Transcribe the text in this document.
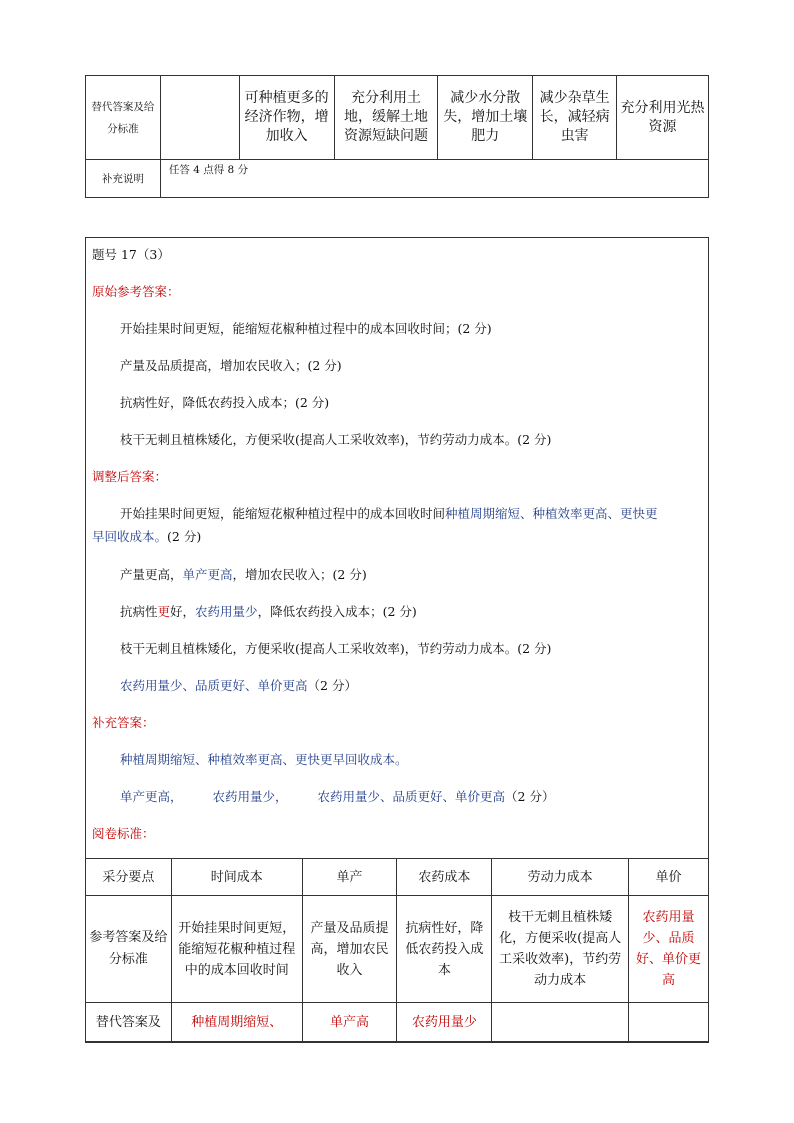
替代答案及给分标准		可种植更多的经济作物，增加收入	充分利用土地，缓解土地资源短缺问题	减少水分散失，增加土壤肥力	减少杂草生长，减轻病虫害	充分利用光热资源
补充说明	任答 4 点得 8 分					
题号 17（3）
原始参考答案：
开始挂果时间更短，能缩短花椒种植过程中的成本回收时间；(2 分)
产量及品质提高，增加农民收入；(2 分)
抗病性好，降低农药投入成本；(2 分)
枝干无刺且植株矮化，方便采收(提高人工采收效率)，节约劳动力成本。(2 分)
调整后答案：
开始挂果时间更短，能缩短花椒种植过程中的成本回收时间种植周期缩短、种植效率更高、更快更
早回收成本。(2 分)
产量更高，单产更高，增加农民收入；(2 分)
抗病性更好，农药用量少，降低农药投入成本；(2 分)
枝干无刺且植株矮化，方便采收(提高人工采收效率)，节约劳动力成本。(2 分)
农药用量少、品质更好、单价更高（2 分）
补充答案：
种植周期缩短、种植效率更高、更快更早回收成本。
单产更高， 农药用量少， 农药用量少、品质更好、单价更高（2 分）
阅卷标准：
采分要点	时间成本	单产	农药成本	劳动力成本	单价
参考答案及给分标准	开始挂果时间更短，能缩短花椒种植过程中的成本回收时间	产量及品质提高，增加农民收入	抗病性好，降低农药投入成本	枝干无刺且植株矮化，方便采收(提高人工采收效率)，节约劳动力成本	农药用量少、品质好、单价更高
替代答案及	种植周期缩短、	单产高	农药用量少		
